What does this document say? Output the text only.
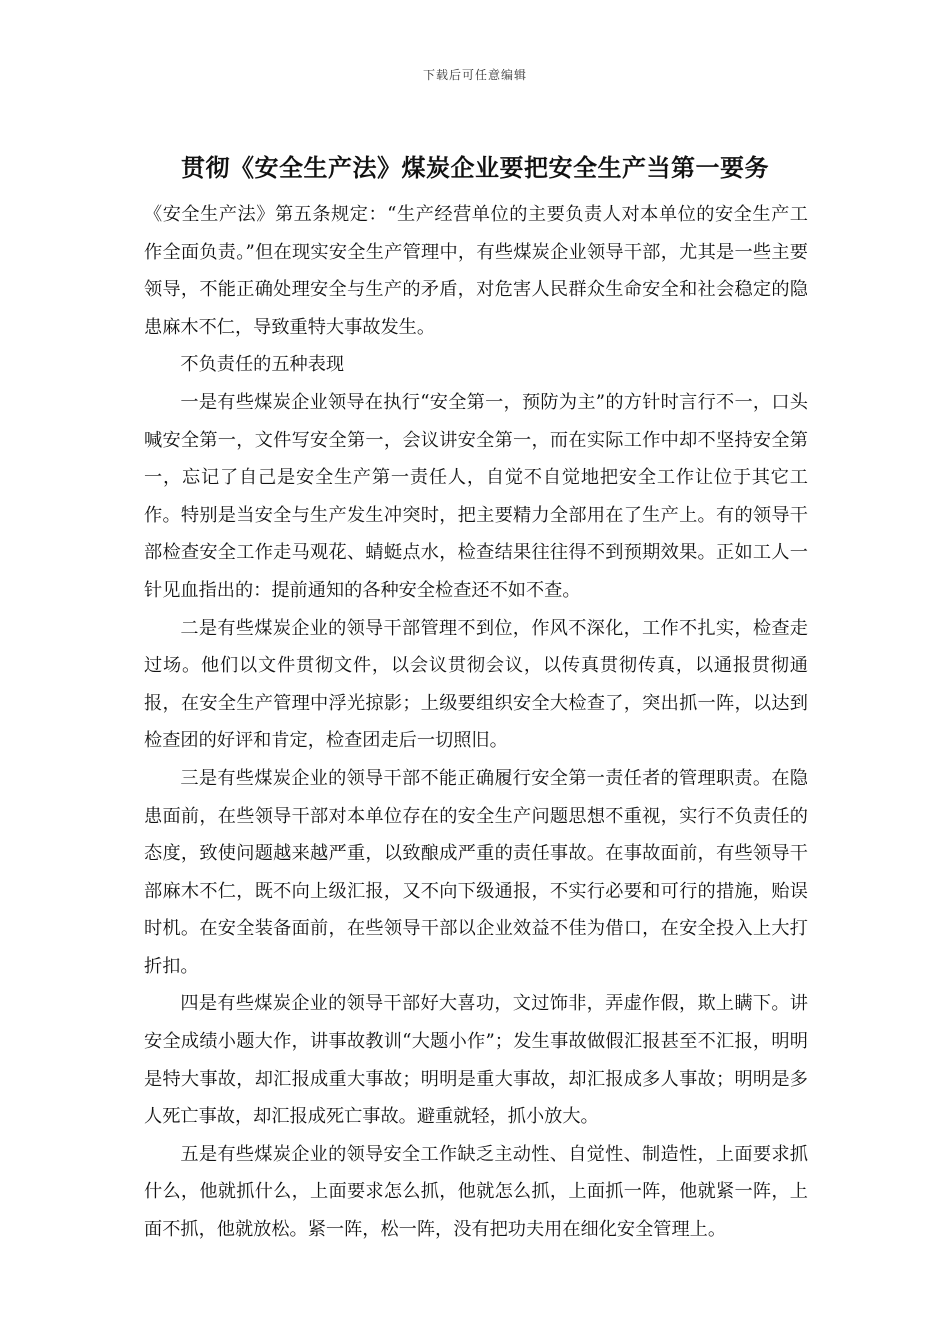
下载后可任意编辑
贯彻《安全生产法》煤炭企业要把安全生产当第一要务

《安全生产法》第五条规定：“生产经营单位的主要负责人对本单位的安全生产工作全面负责。”但在现实安全生产管理中，有些煤炭企业领导干部，尤其是一些主要领导，不能正确处理安全与生产的矛盾，对危害人民群众生命安全和社会稳定的隐患麻木不仁，导致重特大事故发生。

不负责任的五种表现

一是有些煤炭企业领导在执行“安全第一，预防为主”的方针时言行不一，口头喊安全第一，文件写安全第一，会议讲安全第一，而在实际工作中却不坚持安全第一，忘记了自己是安全生产第一责任人，自觉不自觉地把安全工作让位于其它工作。特别是当安全与生产发生冲突时，把主要精力全部用在了生产上。有的领导干部检查安全工作走马观花、蜻蜓点水，检查结果往往得不到预期效果。正如工人一针见血指出的：提前通知的各种安全检查还不如不查。

二是有些煤炭企业的领导干部管理不到位，作风不深化，工作不扎实，检查走过场。他们以文件贯彻文件，以会议贯彻会议，以传真贯彻传真，以通报贯彻通报，在安全生产管理中浮光掠影；上级要组织安全大检查了，突出抓一阵，以达到检查团的好评和肯定，检查团走后一切照旧。

三是有些煤炭企业的领导干部不能正确履行安全第一责任者的管理职责。在隐患面前，在些领导干部对本单位存在的安全生产问题思想不重视，实行不负责任的态度，致使问题越来越严重，以致酿成严重的责任事故。在事故面前，有些领导干部麻木不仁，既不向上级汇报，又不向下级通报，不实行必要和可行的措施，贻误时机。在安全装备面前，在些领导干部以企业效益不佳为借口，在安全投入上大打折扣。

四是有些煤炭企业的领导干部好大喜功，文过饰非，弄虚作假，欺上瞒下。讲安全成绩小题大作，讲事故教训“大题小作”；发生事故做假汇报甚至不汇报，明明是特大事故，却汇报成重大事故；明明是重大事故，却汇报成多人事故；明明是多人死亡事故，却汇报成死亡事故。避重就轻，抓小放大。

五是有些煤炭企业的领导安全工作缺乏主动性、自觉性、制造性，上面要求抓什么，他就抓什么，上面要求怎么抓，他就怎么抓，上面抓一阵，他就紧一阵，上面不抓，他就放松。紧一阵，松一阵，没有把功夫用在细化安全管理上。
